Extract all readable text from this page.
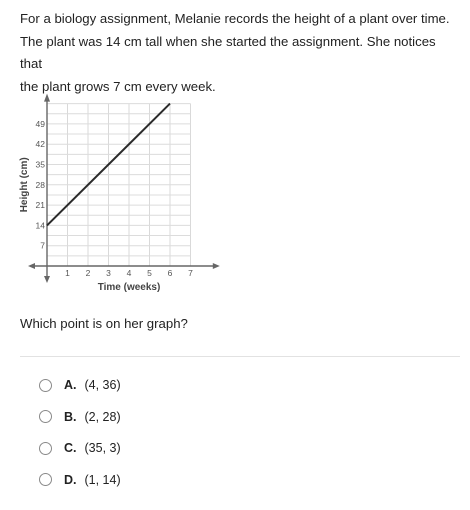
For a biology assignment, Melanie records the height of a plant over time.
The plant was 14 cm tall when she started the assignment. She notices that
the plant grows 7 cm every week.

1 2 3 4 5 6 7
7
14
21
28
35
42
49
Time (weeks)
Height (cm)
Which point is on her graph?
A. (4, 36)
B. (2, 28)
C. (35, 3)
D. (1, 14)
